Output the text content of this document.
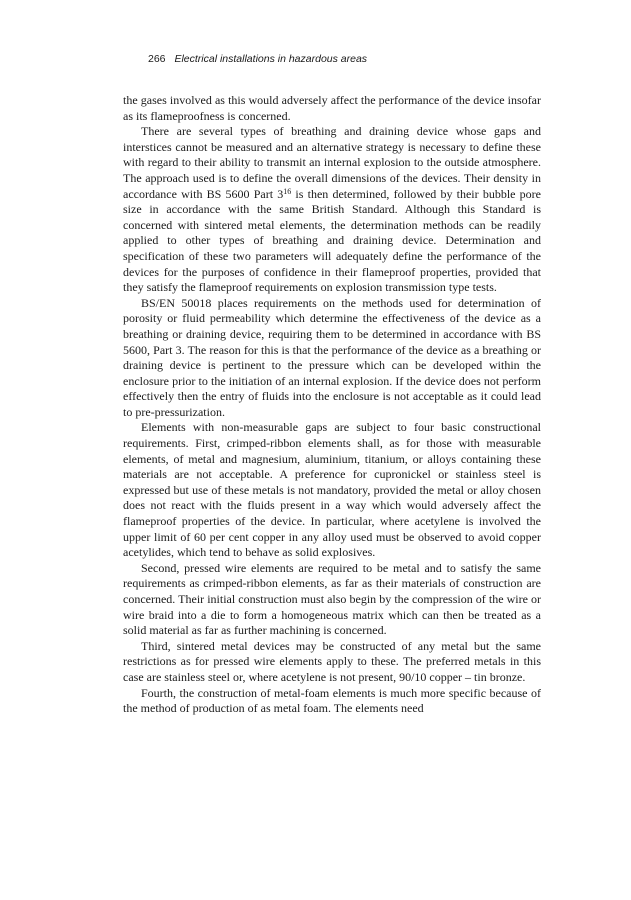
266 Electrical installations in hazardous areas

the gases involved as this would adversely affect the performance of the device insofar as its flameproofness is concerned.

There are several types of breathing and draining device whose gaps and interstices cannot be measured and an alternative strategy is necessary to define these with regard to their ability to transmit an internal explosion to the outside atmosphere. The approach used is to define the overall dimensions of the devices. Their density in accordance with BS 5600 Part $3^{16}$ is then determined, followed by their bubble pore size in accordance with the same British Standard. Although this Standard is concerned with sintered metal elements, the determination methods can be readily applied to other types of breathing and draining device. Determination and specification of these two parameters will adequately define the performance of the devices for the purposes of confidence in their flameproof properties, provided that they satisfy the flameproof requirements on explosion transmission type tests.

BS/EN 50018 places requirements on the methods used for determination of porosity or fluid permeability which determine the effectiveness of the device as a breathing or draining device, requiring them to be determined in accordance with BS 5600, Part 3. The reason for this is that the performance of the device as a breathing or draining device is pertinent to the pressure which can be developed within the enclosure prior to the initiation of an internal explosion. If the device does not perform effectively then the entry of fluids into the enclosure is not acceptable as it could lead to pre-pressurization.

Elements with non-measurable gaps are subject to four basic constructional requirements. First, crimped-ribbon elements shall, as for those with measurable elements, of metal and magnesium, aluminium, titanium, or alloys containing these materials are not acceptable. A preference for cupronickel or stainless steel is expressed but use of these metals is not mandatory, provided the metal or alloy chosen does not react with the fluids present in a way which would adversely affect the flameproof properties of the device. In particular, where acetylene is involved the upper limit of 60 per cent copper in any alloy used must be observed to avoid copper acetylides, which tend to behave as solid explosives.

Second, pressed wire elements are required to be metal and to satisfy the same requirements as crimped-ribbon elements, as far as their materials of construction are concerned. Their initial construction must also begin by the compression of the wire or wire braid into a die to form a homogeneous matrix which can then be treated as a solid material as far as further machining is concerned.

Third, sintered metal devices may be constructed of any metal but the same restrictions as for pressed wire elements apply to these. The preferred metals in this case are stainless steel or, where acetylene is not present, 90/10 copper – tin bronze.

Fourth, the construction of metal-foam elements is much more specific because of the method of production of as metal foam. The elements need
